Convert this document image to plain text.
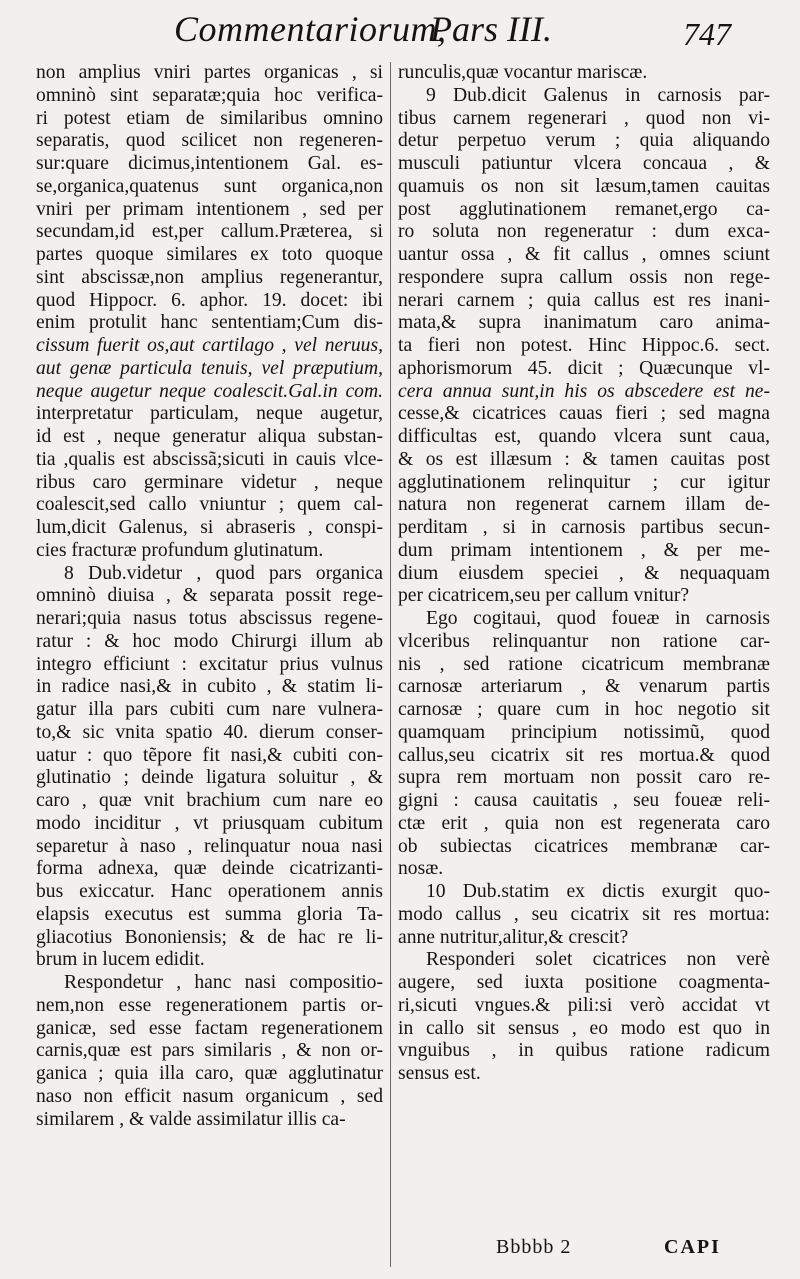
Commentariorum,
Pars III.	747
non amplius vniri partes organicas , si
omninò sint separatæ;quia hoc verifica-
ri potest etiam de similaribus omnino
separatis, quod scilicet non regeneren-
sur:quare dicimus,intentionem Gal. es-
se,organica,quatenus sunt organica,non
vniri per primam intentionem , sed per
secundam,id est,per callum.Præterea, si
partes quoque similares ex toto quoque
sint abscissæ,non amplius regenerantur,
quod Hippocr. 6. aphor. 19. docet: ibi
enim protulit hanc sententiam;Cum dis-
cissum fuerit os,aut cartilago , vel neruus,
aut genæ particula tenuis, vel præputium,
neque augetur neque coalescit.Gal.in com.
interpretatur particulam, neque augetur,
id est , neque generatur aliqua substan-
tia ,qualis est abscissã;sicuti in cauis vlce-
ribus caro germinare videtur , neque
coalescit,sed callo vniuntur ; quem cal-
lum,dicit Galenus, si abraseris , conspi-
cies fracturæ profundum glutinatum.
8 Dub.videtur , quod pars organica
omninò diuisa , & separata possit rege-
nerari;quia nasus totus abscissus regene-
ratur : & hoc modo Chirurgi illum ab
integro efficiunt : excitatur prius vulnus
in radice nasi,& in cubito , & statim li-
gatur illa pars cubiti cum nare vulnera-
to,& sic vnita spatio 40. dierum conser-
uatur : quo tẽpore fit nasi,& cubiti con-
glutinatio ; deinde ligatura soluitur , &
caro , quæ vnit brachium cum nare eo
modo inciditur , vt priusquam cubitum
separetur à naso , relinquatur noua nasi
forma adnexa, quæ deinde cicatrizanti-
bus exiccatur. Hanc operationem annis
elapsis executus est summa gloria Ta-
gliacotius Bononiensis; & de hac re li-
brum in lucem edidit.
Respondetur , hanc nasi compositio-
nem,non esse regenerationem partis or-
ganicæ, sed esse factam regenerationem
carnis,quæ est pars similaris , & non or-
ganica ; quia illa caro, quæ agglutinatur
naso non efficit nasum organicum , sed
similarem , & valde assimilatur illis ca-
runculis,quæ vocantur mariscæ.
9 Dub.dicit Galenus in carnosis par-
tibus carnem regenerari , quod non vi-
detur perpetuo verum ; quia aliquando
musculi patiuntur vlcera concaua , &
quamuis os non sit læsum,tamen cauitas
post agglutinationem remanet,ergo ca-
ro soluta non regeneratur : dum exca-
uantur ossa , & fit callus , omnes sciunt
respondere supra callum ossis non rege-
nerari carnem ; quia callus est res inani-
mata,& supra inanimatum caro anima-
ta fieri non potest. Hinc Hippoc.6. sect.
aphorismorum 45. dicit ; Quæcunque vl-
cera annua sunt,in his os abscedere est ne-
cesse,& cicatrices cauas fieri ; sed magna
difficultas est, quando vlcera sunt caua,
& os est illæsum : & tamen cauitas post
agglutinationem relinquitur ; cur igitur
natura non regenerat carnem illam de-
perditam , si in carnosis partibus secun-
dum primam intentionem , & per me-
dium eiusdem speciei , & nequaquam
per cicatricem,seu per callum vnitur?
Ego cogitaui, quod foueæ in carnosis
vlceribus relinquantur non ratione car-
nis , sed ratione cicatricum membranæ
carnosæ arteriarum , & venarum partis
carnosæ ; quare cum in hoc negotio sit
quamquam principium notissimũ, quod
callus,seu cicatrix sit res mortua.& quod
supra rem mortuam non possit caro re-
gigni : causa cauitatis , seu foueæ reli-
ctæ erit , quia non est regenerata caro
ob subiectas cicatrices membranæ car-
nosæ.
10 Dub.statim ex dictis exurgit quo-
modo callus , seu cicatrix sit res mortua:
anne nutritur,alitur,& crescit?
Responderi solet cicatrices non verè
augere, sed iuxta positione coagmenta-
ri,sicuti vngues.& pili:si verò accidat vt
in callo sit sensus , eo modo est quo in
vnguibus , in quibus ratione radicum
sensus est.
Bbbbb 2	CAPI
